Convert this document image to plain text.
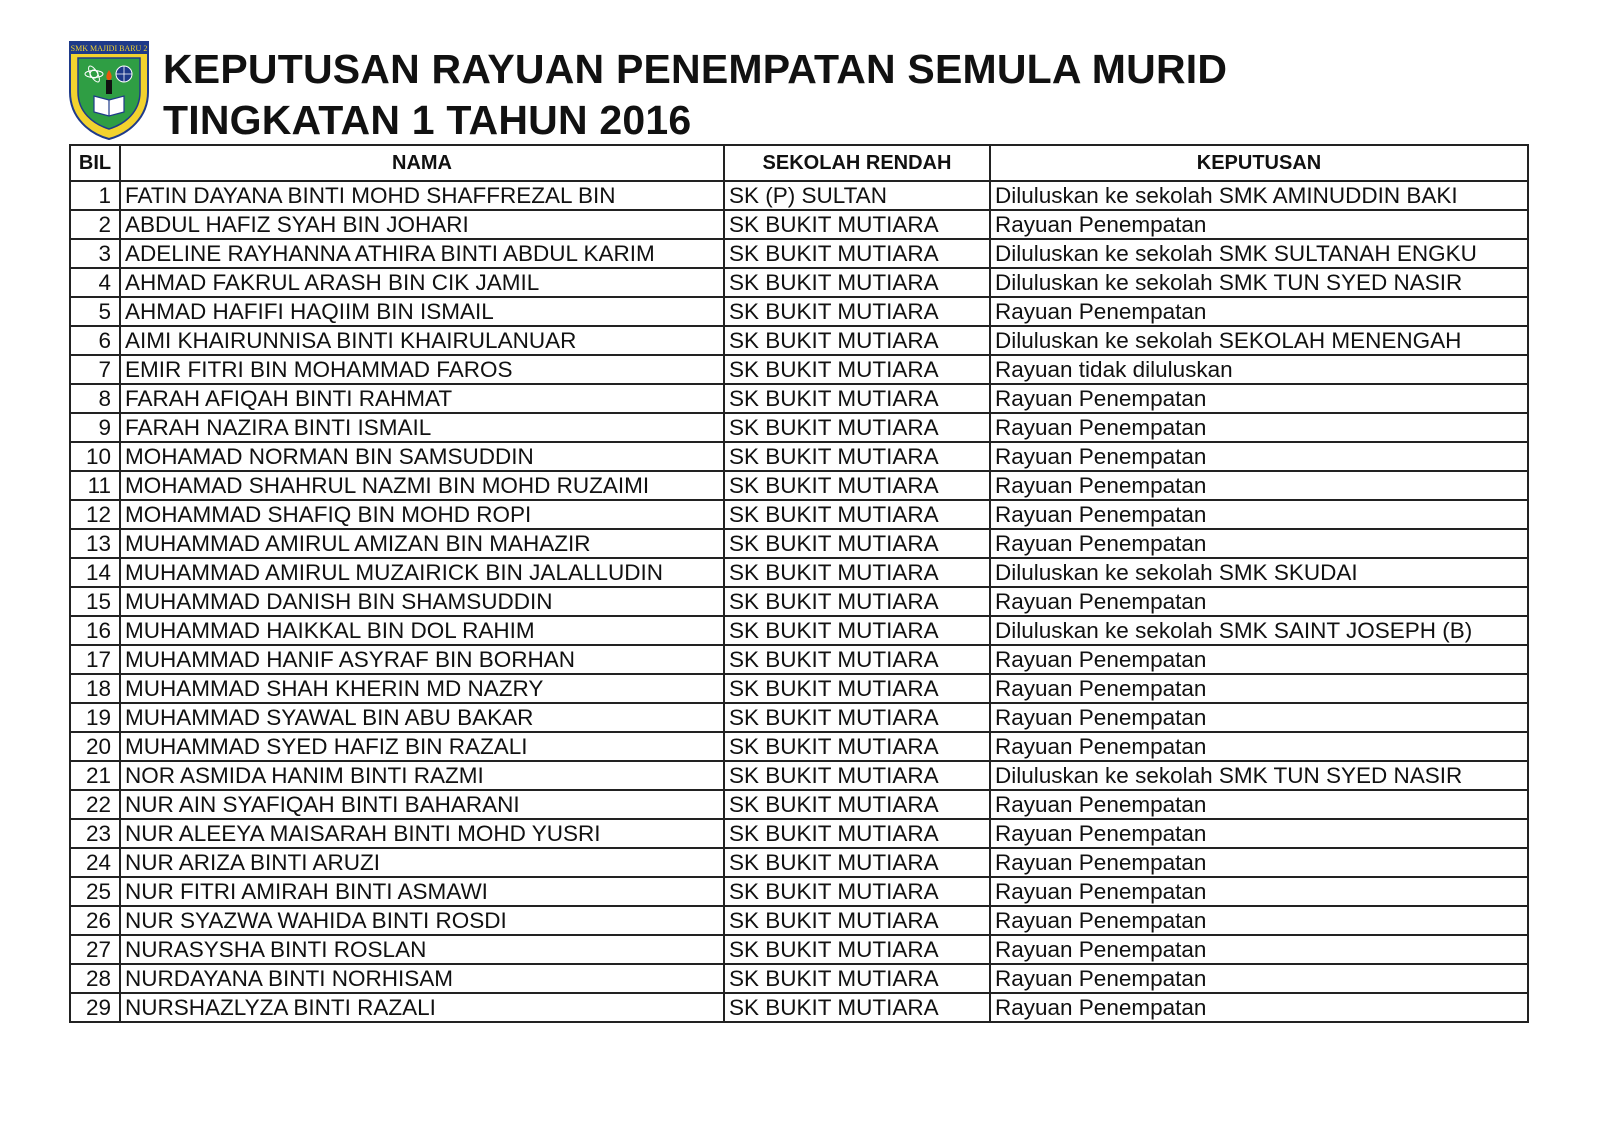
SMK MAJIDI BARU 2 KEPUTUSAN RAYUAN PENEMPATAN SEMULA MURID
TINGKATAN 1 TAHUN 2016
BIL	NAMA	SEKOLAH RENDAH	KEPUTUSAN
1	FATIN DAYANA BINTI MOHD SHAFFREZAL BIN	SK (P) SULTAN	Diluluskan ke sekolah SMK AMINUDDIN BAKI
2	ABDUL HAFIZ SYAH BIN JOHARI	SK BUKIT MUTIARA	Rayuan Penempatan
3	ADELINE RAYHANNA ATHIRA BINTI ABDUL KARIM	SK BUKIT MUTIARA	Diluluskan ke sekolah SMK SULTANAH ENGKU
4	AHMAD FAKRUL ARASH BIN CIK JAMIL	SK BUKIT MUTIARA	Diluluskan ke sekolah SMK TUN SYED NASIR
5	AHMAD HAFIFI HAQIIM BIN ISMAIL	SK BUKIT MUTIARA	Rayuan Penempatan
6	AIMI KHAIRUNNISA BINTI KHAIRULANUAR	SK BUKIT MUTIARA	Diluluskan ke sekolah SEKOLAH MENENGAH
7	EMIR FITRI BIN MOHAMMAD FAROS	SK BUKIT MUTIARA	Rayuan tidak diluluskan
8	FARAH AFIQAH BINTI RAHMAT	SK BUKIT MUTIARA	Rayuan Penempatan
9	FARAH NAZIRA BINTI ISMAIL	SK BUKIT MUTIARA	Rayuan Penempatan
10	MOHAMAD NORMAN BIN SAMSUDDIN	SK BUKIT MUTIARA	Rayuan Penempatan
11	MOHAMAD SHAHRUL NAZMI BIN MOHD RUZAIMI	SK BUKIT MUTIARA	Rayuan Penempatan
12	MOHAMMAD SHAFIQ BIN MOHD ROPI	SK BUKIT MUTIARA	Rayuan Penempatan
13	MUHAMMAD AMIRUL AMIZAN BIN MAHAZIR	SK BUKIT MUTIARA	Rayuan Penempatan
14	MUHAMMAD AMIRUL MUZAIRICK BIN JALALLUDIN	SK BUKIT MUTIARA	Diluluskan ke sekolah SMK SKUDAI
15	MUHAMMAD DANISH BIN SHAMSUDDIN	SK BUKIT MUTIARA	Rayuan Penempatan
16	MUHAMMAD HAIKKAL BIN DOL RAHIM	SK BUKIT MUTIARA	Diluluskan ke sekolah SMK SAINT JOSEPH (B)
17	MUHAMMAD HANIF ASYRAF BIN BORHAN	SK BUKIT MUTIARA	Rayuan Penempatan
18	MUHAMMAD SHAH KHERIN MD NAZRY	SK BUKIT MUTIARA	Rayuan Penempatan
19	MUHAMMAD SYAWAL BIN ABU BAKAR	SK BUKIT MUTIARA	Rayuan Penempatan
20	MUHAMMAD SYED HAFIZ BIN RAZALI	SK BUKIT MUTIARA	Rayuan Penempatan
21	NOR ASMIDA HANIM BINTI RAZMI	SK BUKIT MUTIARA	Diluluskan ke sekolah SMK TUN SYED NASIR
22	NUR AIN SYAFIQAH BINTI BAHARANI	SK BUKIT MUTIARA	Rayuan Penempatan
23	NUR ALEEYA MAISARAH BINTI MOHD YUSRI	SK BUKIT MUTIARA	Rayuan Penempatan
24	NUR ARIZA BINTI ARUZI	SK BUKIT MUTIARA	Rayuan Penempatan
25	NUR FITRI AMIRAH BINTI ASMAWI	SK BUKIT MUTIARA	Rayuan Penempatan
26	NUR SYAZWA WAHIDA BINTI ROSDI	SK BUKIT MUTIARA	Rayuan Penempatan
27	NURASYSHA BINTI ROSLAN	SK BUKIT MUTIARA	Rayuan Penempatan
28	NURDAYANA BINTI NORHISAM	SK BUKIT MUTIARA	Rayuan Penempatan
29	NURSHAZLYZA BINTI RAZALI	SK BUKIT MUTIARA	Rayuan Penempatan
